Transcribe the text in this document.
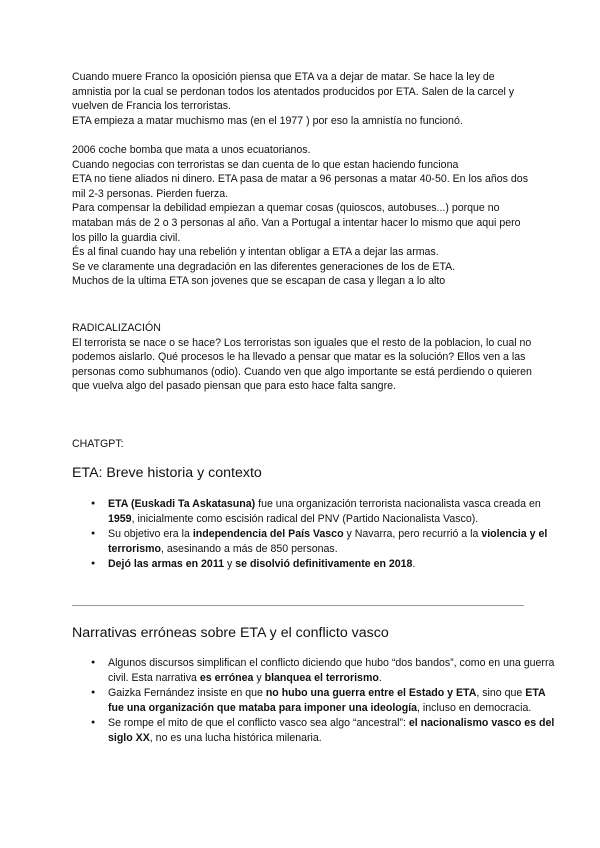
Cuando muere Franco la oposición piensa que ETA va a dejar de matar. Se hace la ley de amnistia por la cual se perdonan todos los atentados producidos por ETA. Salen de la carcel y vuelven de Francia los terroristas.

ETA empieza a matar muchismo mas (en el 1977 ) por eso la amnistía no funcionó.

2006 coche bomba que mata a unos ecuatorianos.

Cuando negocias con terroristas se dan cuenta de lo que estan haciendo funciona

ETA no tiene aliados ni dinero. ETA pasa de matar a 96 personas a matar 40-50. En los años dos mil 2-3 personas. Pierden fuerza.

Para compensar la debilidad empiezan a quemar cosas (quioscos, autobuses...) porque no mataban más de 2 o 3 personas al año. Van a Portugal a intentar hacer lo mismo que aqui pero los pillo la guardia civil.

És al final cuando hay una rebelión y intentan obligar a ETA a dejar las armas.

Se ve claramente una degradación en las diferentes generaciones de los de ETA.

Muchos de la ultima ETA son jovenes que se escapan de casa y llegan a lo alto

RADICALIZACIÓN

El terrorista se nace o se hace? Los terroristas son iguales que el resto de la poblacion, lo cual no podemos aislarlo. Qué procesos le ha llevado a pensar que matar es la solución? Ellos ven a las personas como subhumanos (odio). Cuando ven que algo importante se está perdiendo o quieren que vuelva algo del pasado piensan que para esto hace falta sangre.

CHATGPT:
ETA: Breve historia y contexto
● ETA (Euskadi Ta Askatasuna) fue una organización terrorista nacionalista vasca creada en 1959, inicialmente como escisión radical del PNV (Partido Nacionalista Vasco).
● Su objetivo era la independencia del País Vasco y Navarra, pero recurrió a la violencia y el terrorismo, asesinando a más de 850 personas.
● Dejó las armas en 2011 y se disolvió definitivamente en 2018.
Narrativas erróneas sobre ETA y el conflicto vasco
● Algunos discursos simplifican el conflicto diciendo que hubo “dos bandos”, como en una guerra civil. Esta narrativa es errónea y blanquea el terrorismo.
● Gaizka Fernández insiste en que no hubo una guerra entre el Estado y ETA, sino que ETA fue una organización que mataba para imponer una ideología, incluso en democracia.
● Se rompe el mito de que el conflicto vasco sea algo “ancestral”: el nacionalismo vasco es del siglo XX, no es una lucha histórica milenaria.
